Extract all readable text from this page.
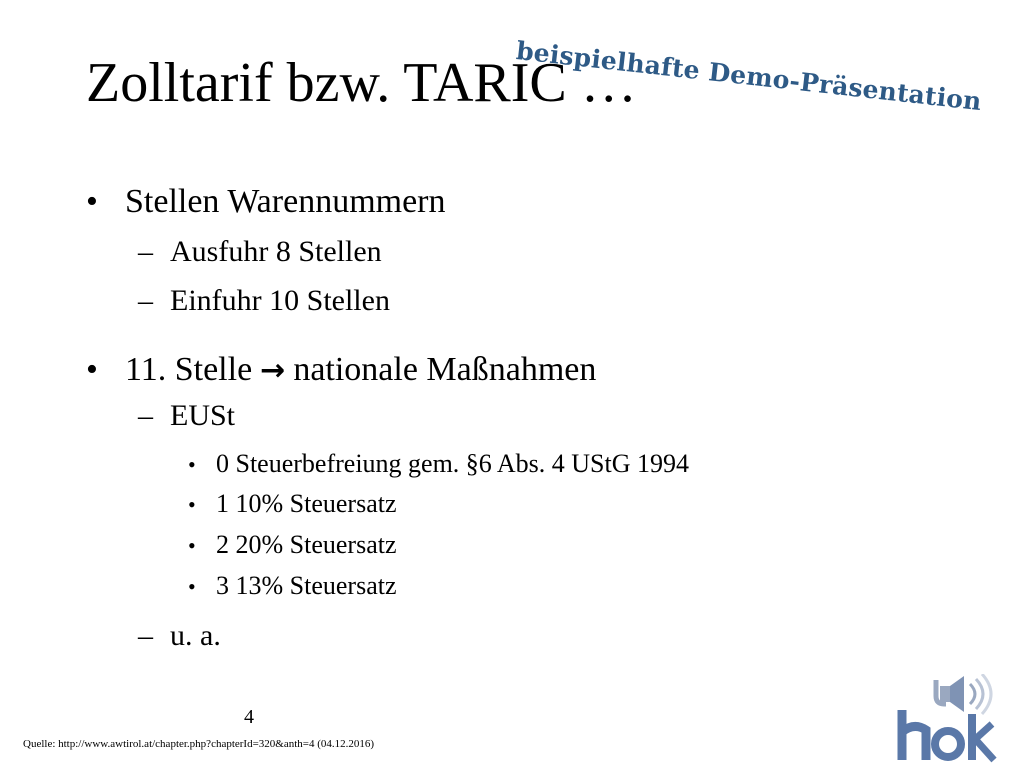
beispielhafte Demo-Präsentation
Zolltarif bzw. TARIC …
• Stellen Warennummern
– Ausfuhr 8 Stellen
– Einfuhr 10 Stellen
• 11. Stelle → nationale Maßnahmen
– EUSt
• 0 Steuerbefreiung gem. §6 Abs. 4 UStG 1994
• 1 10% Steuersatz
• 2 20% Steuersatz
• 3 13% Steuersatz
– u. a.
4
Quelle: http://www.awtirol.at/chapter.php?chapterId=320&anth=4 (04.12.2016)
